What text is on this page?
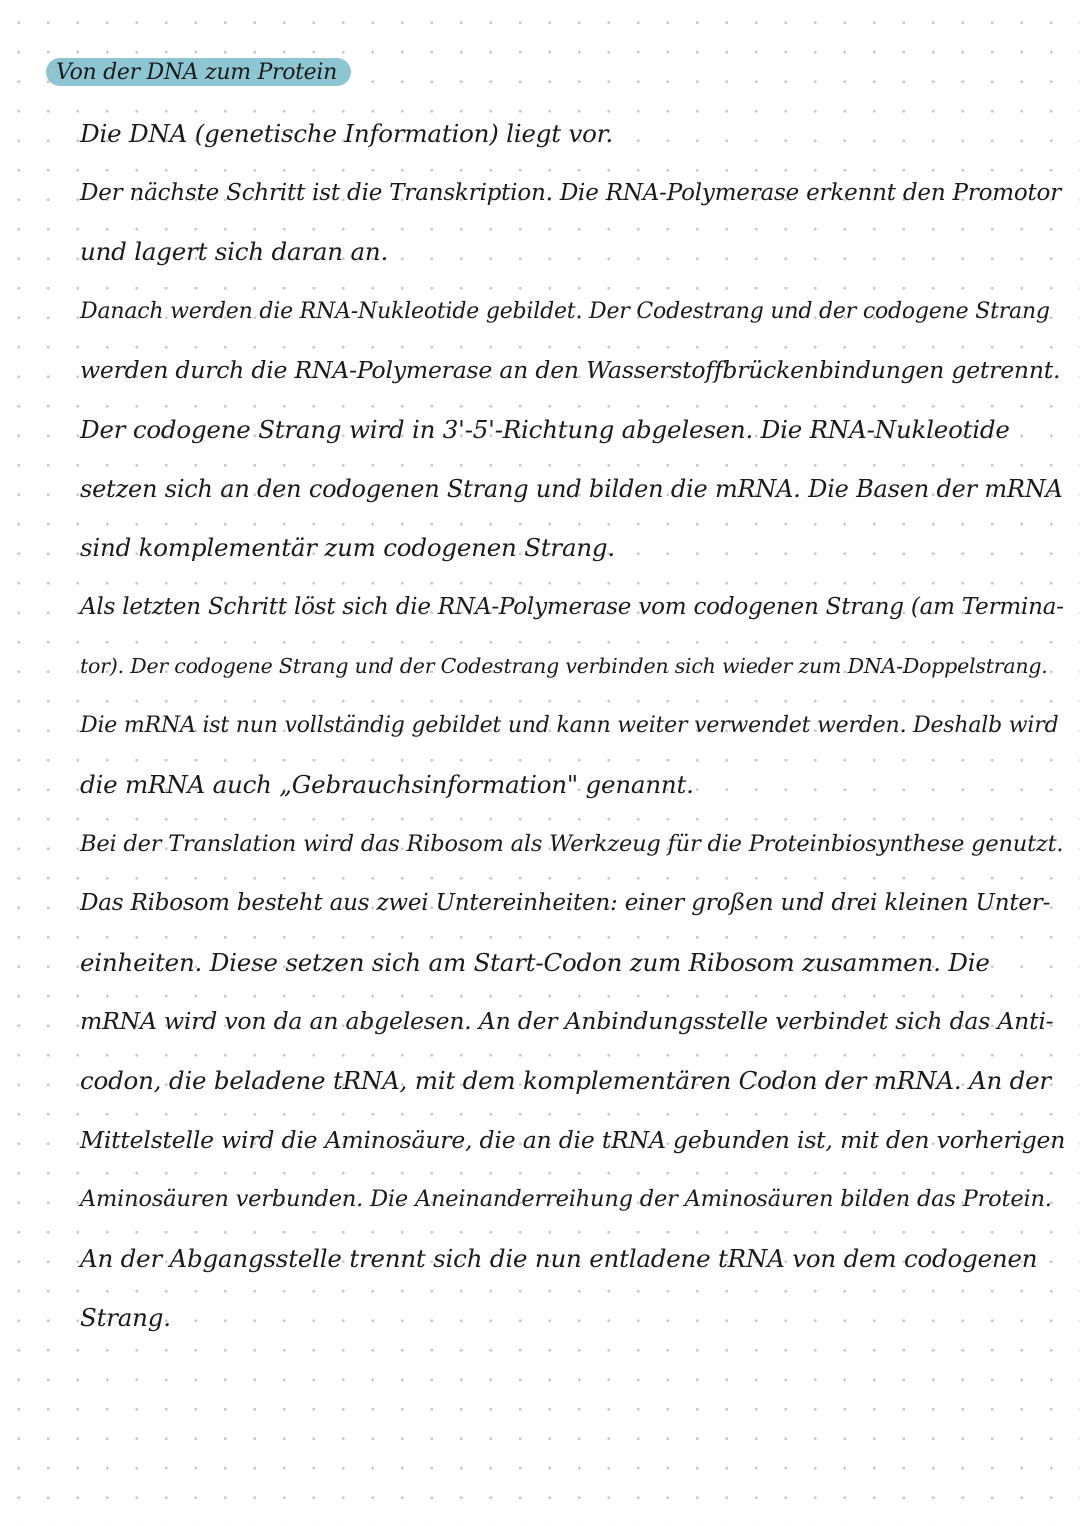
Von der DNA zum Protein
Die DNA (genetische Information) liegt vor.
Der nächste Schritt ist die Transkription. Die RNA-Polymerase erkennt den Promotor
und lagert sich daran an.
Danach werden die RNA-Nukleotide gebildet. Der Codestrang und der codogene Strang
werden durch die RNA-Polymerase an den Wasserstoffbrückenbindungen getrennt.
Der codogene Strang wird in 3'-5'-Richtung abgelesen. Die RNA-Nukleotide
setzen sich an den codogenen Strang und bilden die mRNA. Die Basen der mRNA
sind komplementär zum codogenen Strang.
Als letzten Schritt löst sich die RNA-Polymerase vom codogenen Strang (am Termina-
tor). Der codogene Strang und der Codestrang verbinden sich wieder zum DNA-Doppelstrang.
Die mRNA ist nun vollständig gebildet und kann weiter verwendet werden. Deshalb wird
die mRNA auch „Gebrauchsinformation" genannt.
Bei der Translation wird das Ribosom als Werkzeug für die Proteinbiosynthese genutzt.
Das Ribosom besteht aus zwei Untereinheiten: einer großen und drei kleinen Unter-
einheiten. Diese setzen sich am Start-Codon zum Ribosom zusammen. Die
mRNA wird von da an abgelesen. An der Anbindungsstelle verbindet sich das Anti-
codon, die beladene tRNA, mit dem komplementären Codon der mRNA. An der
Mittelstelle wird die Aminosäure, die an die tRNA gebunden ist, mit den vorherigen
Aminosäuren verbunden. Die Aneinanderreihung der Aminosäuren bilden das Protein.
An der Abgangsstelle trennt sich die nun entladene tRNA von dem codogenen
Strang.
